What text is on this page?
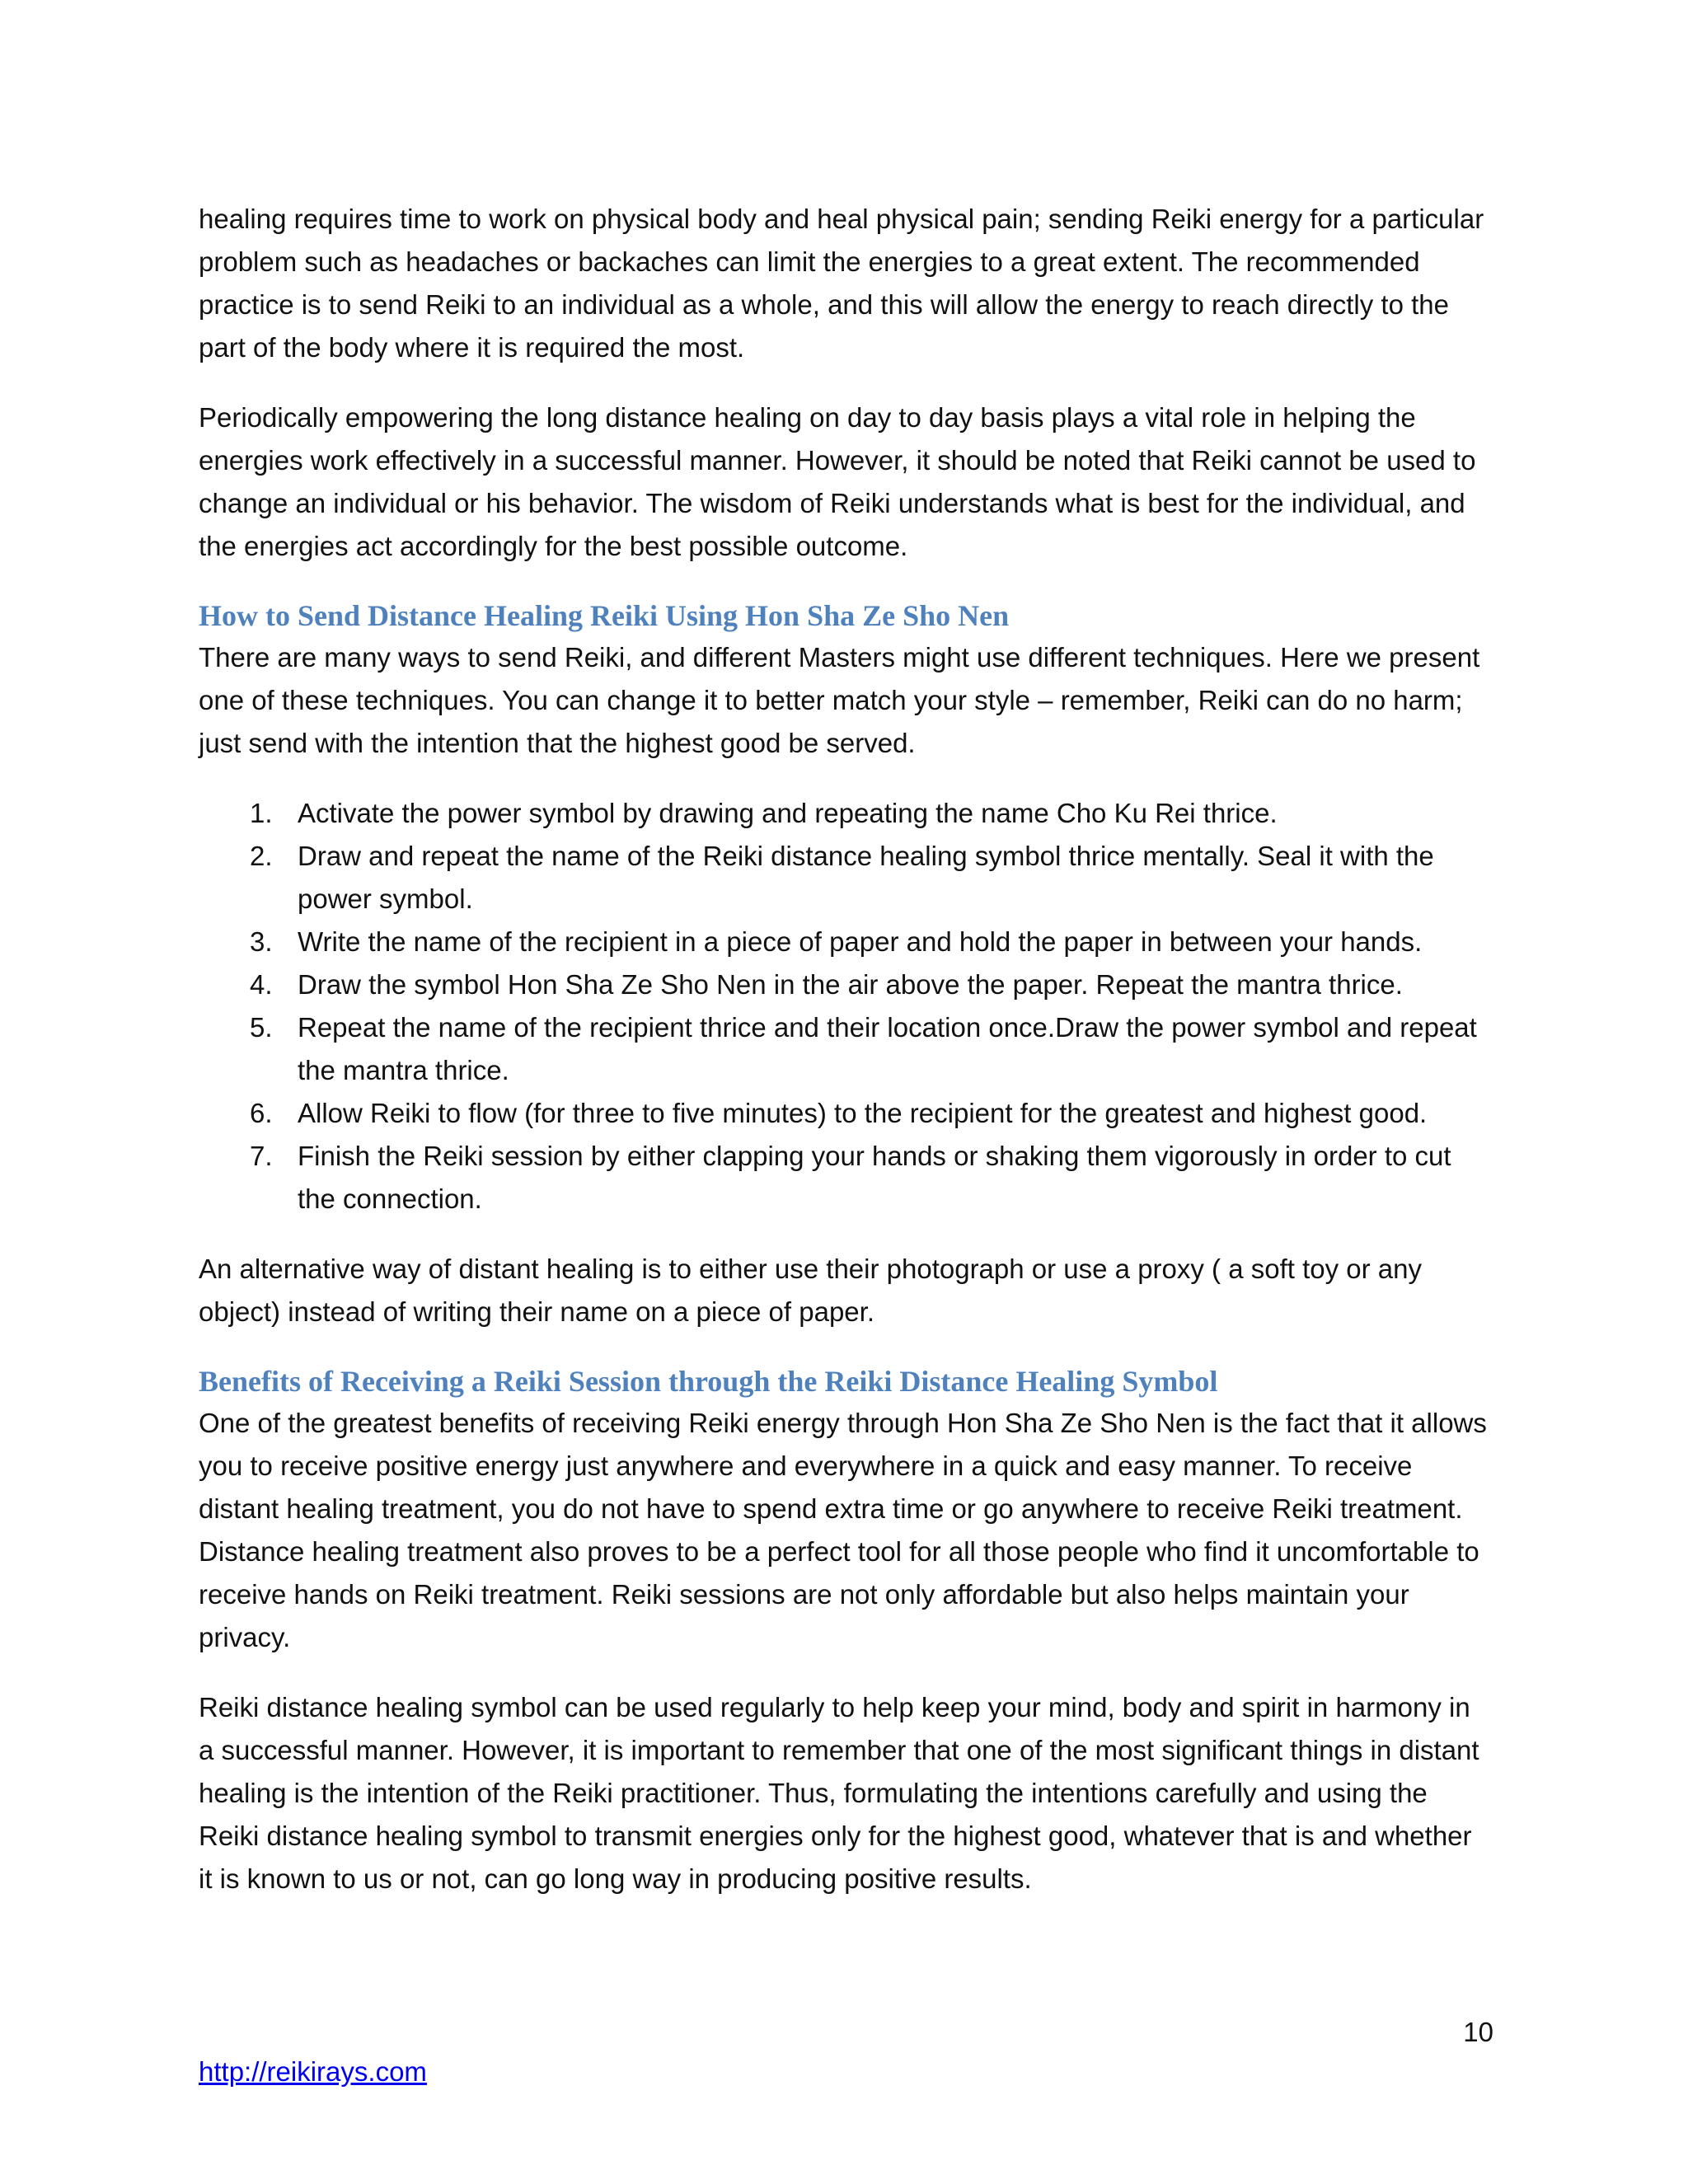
healing requires time to work on physical body and heal physical pain; sending Reiki energy for a particular problem such as headaches or backaches can limit the energies to a great extent. The recommended practice is to send Reiki to an individual as a whole, and this will allow the energy to reach directly to the part of the body where it is required the most.

Periodically empowering the long distance healing on day to day basis plays a vital role in helping the energies work effectively in a successful manner. However, it should be noted that Reiki cannot be used to change an individual or his behavior. The wisdom of Reiki understands what is best for the individual, and the energies act accordingly for the best possible outcome.

How to Send Distance Healing Reiki Using Hon Sha Ze Sho Nen

There are many ways to send Reiki, and different Masters might use different techniques. Here we present one of these techniques. You can change it to better match your style – remember, Reiki can do no harm; just send with the intention that the highest good be served.

1. Activate the power symbol by drawing and repeating the name Cho Ku Rei thrice.
2. Draw and repeat the name of the Reiki distance healing symbol thrice mentally. Seal it with the power symbol.
3. Write the name of the recipient in a piece of paper and hold the paper in between your hands.
4. Draw the symbol Hon Sha Ze Sho Nen in the air above the paper. Repeat the mantra thrice.
5. Repeat the name of the recipient thrice and their location once.Draw the power symbol and repeat the mantra thrice.
6. Allow Reiki to flow (for three to five minutes) to the recipient for the greatest and highest good.
7. Finish the Reiki session by either clapping your hands or shaking them vigorously in order to cut the connection.

An alternative way of distant healing is to either use their photograph or use a proxy ( a soft toy or any object) instead of writing their name on a piece of paper.

Benefits of Receiving a Reiki Session through the Reiki Distance Healing Symbol

One of the greatest benefits of receiving Reiki energy through Hon Sha Ze Sho Nen is the fact that it allows you to receive positive energy just anywhere and everywhere in a quick and easy manner. To receive distant healing treatment, you do not have to spend extra time or go anywhere to receive Reiki treatment. Distance healing treatment also proves to be a perfect tool for all those people who find it uncomfortable to receive hands on Reiki treatment. Reiki sessions are not only affordable but also helps maintain your privacy.

Reiki distance healing symbol can be used regularly to help keep your mind, body and spirit in harmony in a successful manner. However, it is important to remember that one of the most significant things in distant healing is the intention of the Reiki practitioner. Thus, formulating the intentions carefully and using the Reiki distance healing symbol to transmit energies only for the highest good, whatever that is and whether it is known to us or not, can go long way in producing positive results.

10
http://reikirays.com
